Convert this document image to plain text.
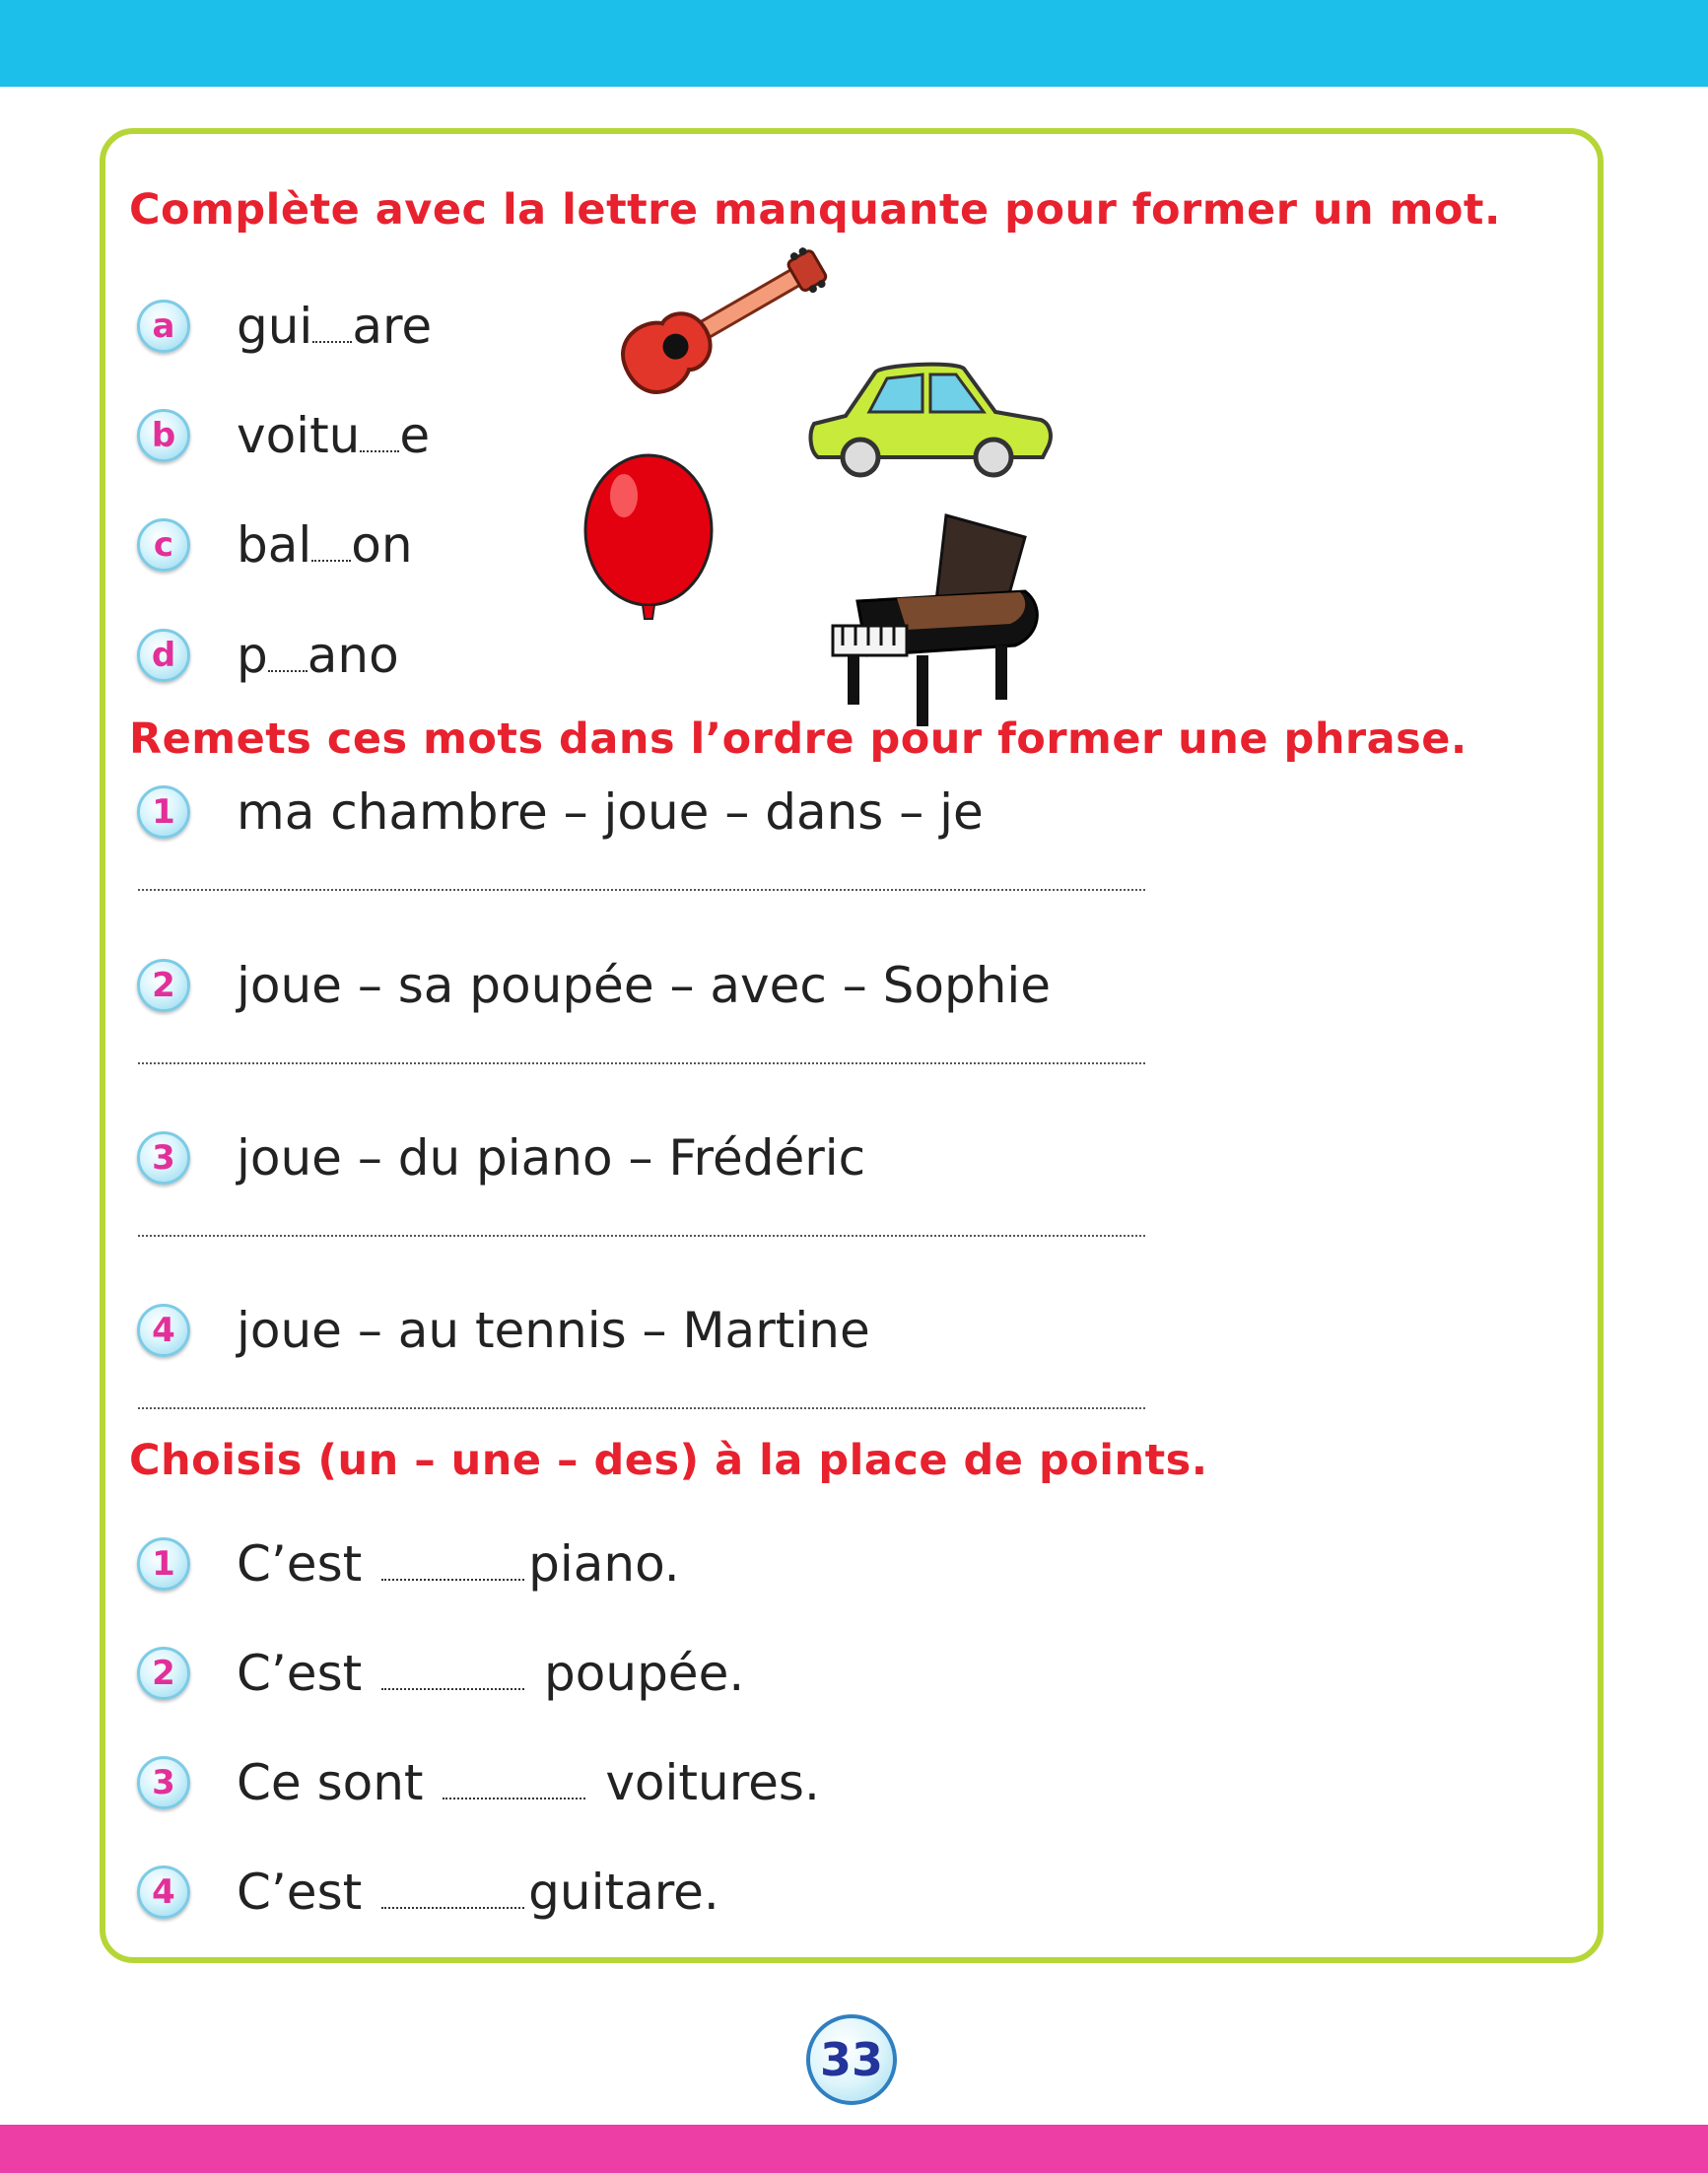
Complète avec la lettre manquante pour former un mot.
a	gui are
b voitu e
c	bal on
d p ano
Remets ces mots dans l’ordre pour former une phrase.
1	ma chambre – joue – dans – je
2	joue – sa poupée – avec – Sophie
3	joue – du piano – Frédéric
4	joue – au tennis – Martine
Choisis (un – une – des) à la place de points.
1	C’est	piano.
2	C’est	poupée.
3	Ce sont	voitures.
4	C’est	guitare.
33
